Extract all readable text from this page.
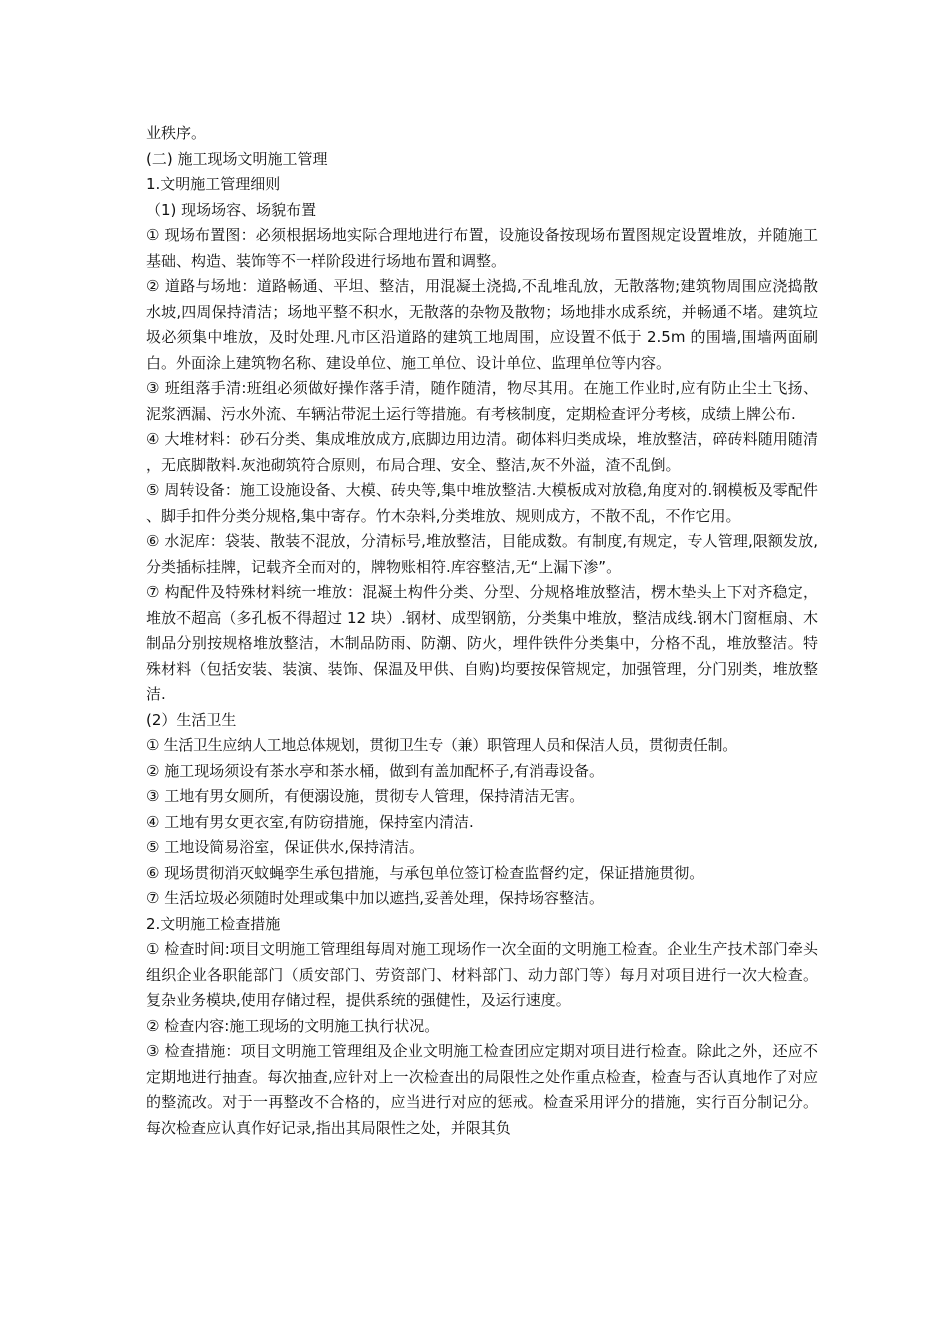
业秩序。

(二) 施工现场文明施工管理

1.文明施工管理细则

（1) 现场场容、场貌布置

① 现场布置图：必须根据场地实际合理地进行布置，设施设备按现场布置图规定设置堆放，并随施工基础、构造、装饰等不一样阶段进行场地布置和调整。

② 道路与场地：道路畅通、平坦、整洁，用混凝土浇捣,不乱堆乱放，无散落物;建筑物周围应浇捣散水坡,四周保持清洁；场地平整不积水，无散落的杂物及散物；场地排水成系统，并畅通不堵。建筑垃圾必须集中堆放，及时处理.凡市区沿道路的建筑工地周围，应设置不低于 2.5m 的围墙,围墙两面刷白。外面涂上建筑物名称、建设单位、施工单位、设计单位、监理单位等内容。

③ 班组落手清:班组必须做好操作落手清，随作随清，物尽其用。在施工作业时,应有防止尘土飞扬、泥浆洒漏、污水外流、车辆沾带泥土运行等措施。有考核制度，定期检查评分考核，成绩上牌公布.

④ 大堆材料：砂石分类、集成堆放成方,底脚边用边清。砌体料归类成垛，堆放整洁，碎砖料随用随清，无底脚散料.灰池砌筑符合原则，布局合理、安全、整洁,灰不外溢，渣不乱倒。

⑤ 周转设备：施工设施设备、大模、砖央等,集中堆放整洁.大模板成对放稳,角度对的.钢模板及零配件、脚手扣件分类分规格,集中寄存。竹木杂料,分类堆放、规则成方，不散不乱，不作它用。

⑥ 水泥库：袋装、散装不混放，分清标号,堆放整洁，目能成数。有制度,有规定，专人管理,限额发放,分类插标挂牌，记载齐全而对的，牌物账相符.库容整洁,无“上漏下渗”。

⑦ 构配件及特殊材料统一堆放：混凝土构件分类、分型、分规格堆放整洁，楞木垫头上下对齐稳定，堆放不超高（多孔板不得超过 12 块）.钢材、成型钢筋，分类集中堆放，整洁成线.钢木门窗框扇、木制品分别按规格堆放整洁，木制品防雨、防潮、防火，埋件铁件分类集中，分格不乱，堆放整洁。特殊材料（包括安装、装演、装饰、保温及甲供、自购)均要按保管规定，加强管理，分门别类，堆放整洁.

(2）生活卫生

① 生活卫生应纳人工地总体规划，贯彻卫生专（兼）职管理人员和保洁人员，贯彻责任制。

② 施工现场须设有茶水亭和茶水桶，做到有盖加配杯子,有消毒设备。

③ 工地有男女厕所，有便溺设施，贯彻专人管理，保持清洁无害。

④ 工地有男女更衣室,有防窃措施，保持室内清洁.

⑤ 工地设简易浴室，保证供水,保持清洁。

⑥ 现场贯彻消灭蚊蝇孪生承包措施，与承包单位签订检查监督约定，保证措施贯彻。

⑦ 生活垃圾必须随时处理或集中加以遮挡,妥善处理，保持场容整洁。

2.文明施工检查措施

① 检查时间:项目文明施工管理组每周对施工现场作一次全面的文明施工检查。企业生产技术部门牵头组织企业各职能部门（质安部门、劳资部门、材料部门、动力部门等）每月对项目进行一次大检查。复杂业务模块,使用存储过程，提供系统的强健性，及运行速度。

② 检查内容:施工现场的文明施工执行状况。

③ 检查措施：项目文明施工管理组及企业文明施工检查团应定期对项目进行检查。除此之外，还应不定期地进行抽查。每次抽查,应针对上一次检查出的局限性之处作重点检查，检查与否认真地作了对应的整流改。对于一再整改不合格的，应当进行对应的惩戒。检查采用评分的措施，实行百分制记分。每次检查应认真作好记录,指出其局限性之处，并限其负
